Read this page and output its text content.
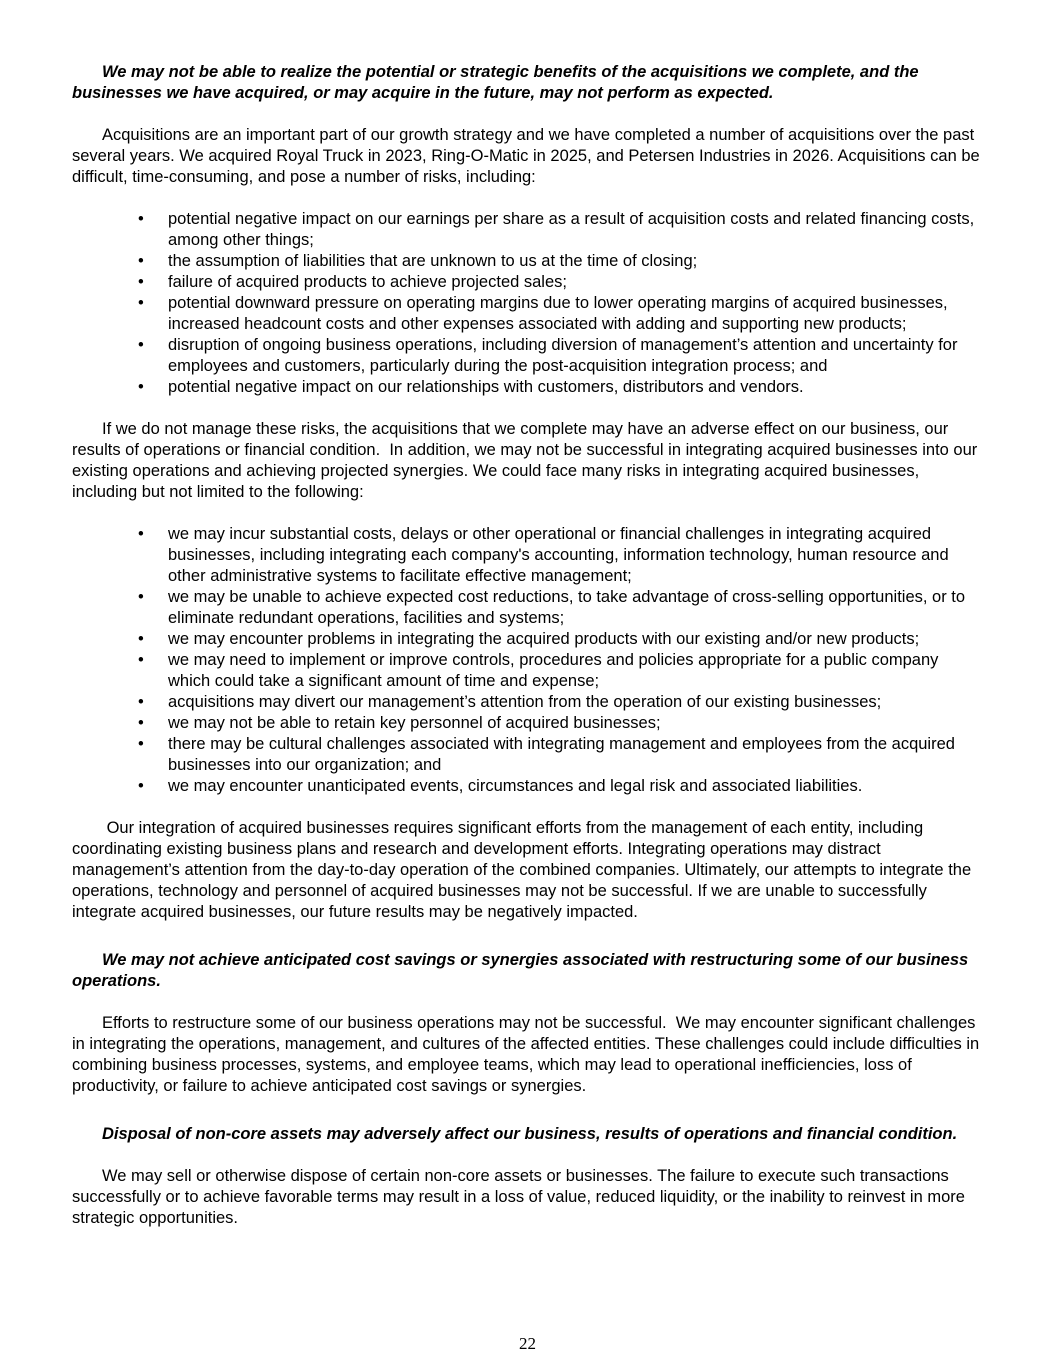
We may not be able to realize the potential or strategic benefits of the acquisitions we complete, and the businesses we have acquired, or may acquire in the future, may not perform as expected.

Acquisitions are an important part of our growth strategy and we have completed a number of acquisitions over the past several years. We acquired Royal Truck in 2023, Ring-O-Matic in 2025, and Petersen Industries in 2026. Acquisitions can be difficult, time-consuming, and pose a number of risks, including:

• potential negative impact on our earnings per share as a result of acquisition costs and related financing costs, among other things;
• the assumption of liabilities that are unknown to us at the time of closing;
• failure of acquired products to achieve projected sales;
• potential downward pressure on operating margins due to lower operating margins of acquired businesses, increased headcount costs and other expenses associated with adding and supporting new products;
• disruption of ongoing business operations, including diversion of management’s attention and uncertainty for employees and customers, particularly during the post-acquisition integration process; and
• potential negative impact on our relationships with customers, distributors and vendors.

If we do not manage these risks, the acquisitions that we complete may have an adverse effect on our business, our results of operations or financial condition.  In addition, we may not be successful in integrating acquired businesses into our existing operations and achieving projected synergies. We could face many risks in integrating acquired businesses, including but not limited to the following:

• we may incur substantial costs, delays or other operational or financial challenges in integrating acquired businesses, including integrating each company's accounting, information technology, human resource and other administrative systems to facilitate effective management;
• we may be unable to achieve expected cost reductions, to take advantage of cross-selling opportunities, or to eliminate redundant operations, facilities and systems;
• we may encounter problems in integrating the acquired products with our existing and/or new products;
• we may need to implement or improve controls, procedures and policies appropriate for a public company which could take a significant amount of time and expense;
• acquisitions may divert our management’s attention from the operation of our existing businesses;
• we may not be able to retain key personnel of acquired businesses;
• there may be cultural challenges associated with integrating management and employees from the acquired businesses into our organization; and
• we may encounter unanticipated events, circumstances and legal risk and associated liabilities.

Our integration of acquired businesses requires significant efforts from the management of each entity, including coordinating existing business plans and research and development efforts. Integrating operations may distract management’s attention from the day-to-day operation of the combined companies. Ultimately, our attempts to integrate the operations, technology and personnel of acquired businesses may not be successful. If we are unable to successfully integrate acquired businesses, our future results may be negatively impacted.

We may not achieve anticipated cost savings or synergies associated with restructuring some of our business operations.

Efforts to restructure some of our business operations may not be successful.  We may encounter significant challenges in integrating the operations, management, and cultures of the affected entities. These challenges could include difficulties in combining business processes, systems, and employee teams, which may lead to operational inefficiencies, loss of productivity, or failure to achieve anticipated cost savings or synergies.

Disposal of non-core assets may adversely affect our business, results of operations and financial condition.

We may sell or otherwise dispose of certain non-core assets or businesses. The failure to execute such transactions successfully or to achieve favorable terms may result in a loss of value, reduced liquidity, or the inability to reinvest in more strategic opportunities.

22
